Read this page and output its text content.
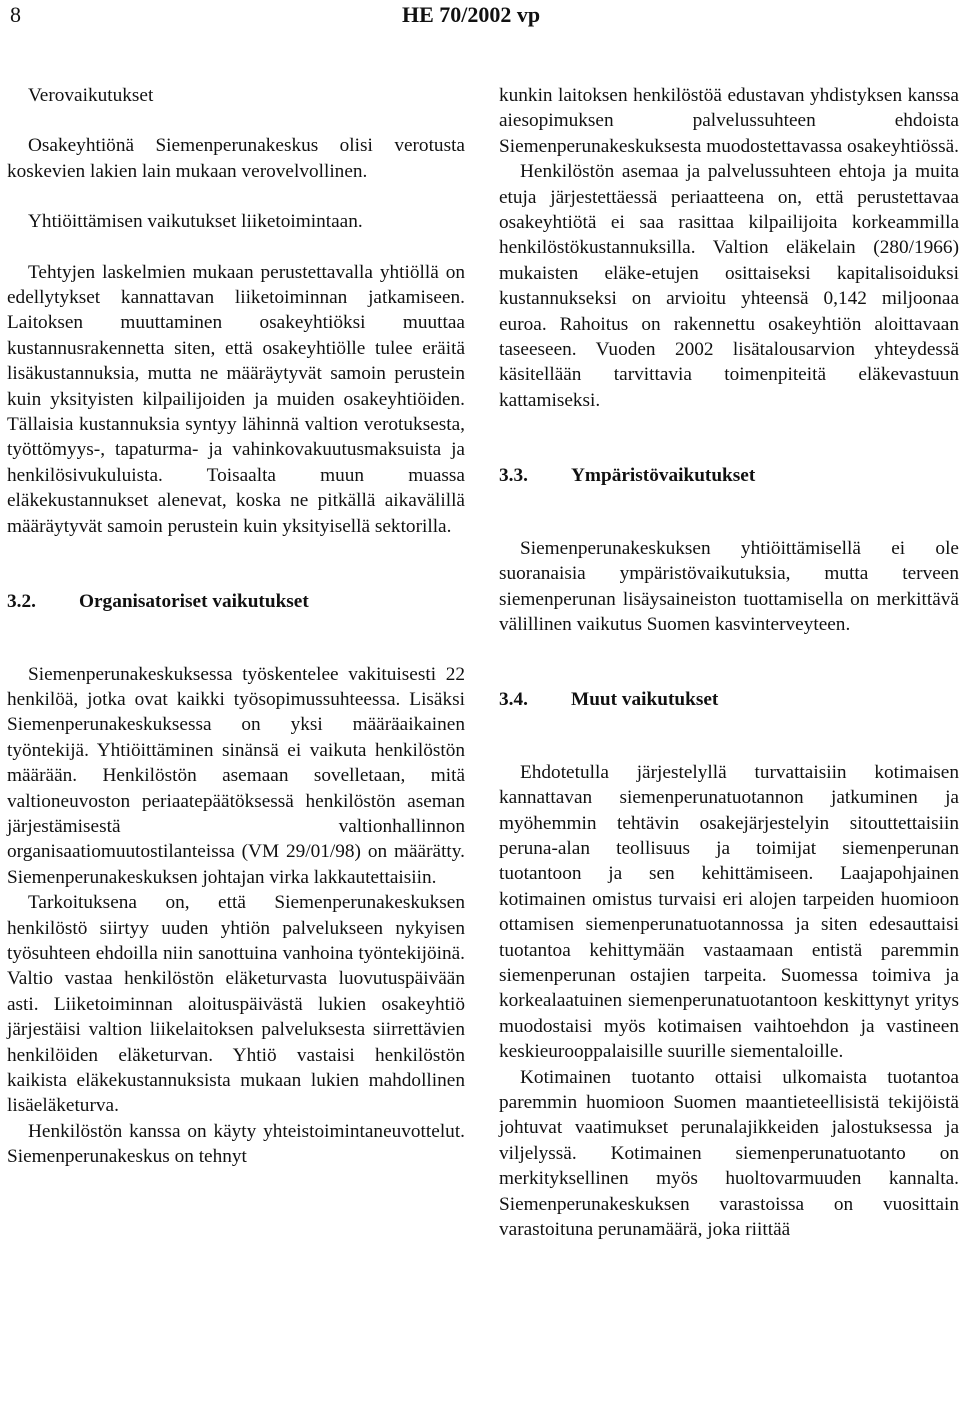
8	HE 70/2002 vp

Verovaikutukset

Osakeyhtiönä Siemenperunakeskus olisi verotusta koskevien lakien lain mukaan verovelvollinen.

Yhtiöittämisen vaikutukset liiketoimintaan.

Tehtyjen laskelmien mukaan perustettavalla yhtiöllä on edellytykset kannattavan liiketoiminnan jatkamiseen. Laitoksen muuttaminen osakeyhtiöksi muuttaa kustannusrakennetta siten, että osakeyhtiölle tulee eräitä lisäkustannuksia, mutta ne määräytyvät samoin perustein kuin yksityisten kilpailijoiden ja muiden osakeyhtiöiden. Tällaisia kustannuksia syntyy lähinnä valtion verotuksesta, työttömyys-, tapaturma- ja vahinkovakuutusmaksuista ja henkilösivukuluista. Toisaalta muun muassa eläkekustannukset alenevat, koska ne pitkällä aikavälillä määräytyvät samoin perustein kuin yksityisellä sektorilla.

3.2.	Organisatoriset vaikutukset

Siemenperunakeskuksessa työskentelee vakituisesti 22 henkilöä, jotka ovat kaikki työsopimussuhteessa. Lisäksi Siemenperunakeskuksessa on yksi määräaikainen työntekijä. Yhtiöittäminen sinänsä ei vaikuta henkilöstön määrään. Henkilöstön asemaan sovelletaan, mitä valtioneuvoston periaatepäätöksessä henkilöstön aseman järjestämisestä valtionhallinnon organisaatiomuutostilanteissa (VM 29/01/98) on määrätty. Siemenperunakeskuksen johtajan virka lakkautettaisiin.

Tarkoituksena on, että Siemenperunakeskuksen henkilöstö siirtyy uuden yhtiön palvelukseen nykyisen työsuhteen ehdoilla niin sanottuina vanhoina työntekijöinä. Valtio vastaa henkilöstön eläketurvasta luovutuspäivään asti. Liiketoiminnan aloituspäivästä lukien osakeyhtiö järjestäisi valtion liikelaitoksen palveluksesta siirrettävien henkilöiden eläketurvan. Yhtiö vastaisi henkilöstön kaikista eläkekustannuksista mukaan lukien mahdollinen lisäeläketurva.

Henkilöstön kanssa on käyty yhteistoimintaneuvottelut. Siemenperunakeskus on tehnyt

kunkin laitoksen henkilöstöä edustavan yhdistyksen kanssa aiesopimuksen palvelussuhteen ehdoista Siemenperunakeskuksesta muodostettavassa osakeyhtiössä.

Henkilöstön asemaa ja palvelussuhteen ehtoja ja muita etuja järjestettäessä periaatteena on, että perustettavaa osakeyhtiötä ei saa rasittaa kilpailijoita korkeammilla henkilöstökustannuksilla. Valtion eläkelain (280/1966) mukaisten eläke-etujen osittaiseksi kapitalisoiduksi kustannukseksi on arvioitu yhteensä 0,142 miljoonaa euroa. Rahoitus on rakennettu osakeyhtiön aloittavaan taseeseen. Vuoden 2002 lisätalousarvion yhteydessä käsitellään tarvittavia toimenpiteitä eläkevastuun kattamiseksi.

3.3.	Ympäristövaikutukset

Siemenperunakeskuksen yhtiöittämisellä ei ole suoranaisia ympäristövaikutuksia, mutta terveen siemenperunan lisäysaineiston tuottamisella on merkittävä välillinen vaikutus Suomen kasvinterveyteen.

3.4.	Muut vaikutukset

Ehdotetulla järjestelyllä turvattaisiin kotimaisen kannattavan siemenperunatuotannon jatkuminen ja myöhemmin tehtävin osakejärjestelyin sitouttettaisiin peruna-alan teollisuus ja toimijat siemenperunan tuotantoon ja sen kehittämiseen. Laajapohjainen kotimainen omistus turvaisi eri alojen tarpeiden huomioon ottamisen siemenperunatuotannossa ja siten edesauttaisi tuotantoa kehittymään vastaamaan entistä paremmin siemenperunan ostajien tarpeita. Suomessa toimiva ja korkealaatuinen siemenperunatuotantoon keskittynyt yritys muodostaisi myös kotimaisen vaihtoehdon ja vastineen keskieurooppalaisille suurille siementaloille.

Kotimainen tuotanto ottaisi ulkomaista tuotantoa paremmin huomioon Suomen maantieteellisistä tekijöistä johtuvat vaatimukset perunalajikkeiden jalostuksessa ja viljelyssä. Kotimainen siemenperunatuotanto on merkityksellinen myös huoltovarmuuden kannalta. Siemenperunakeskuksen varastoissa on vuosittain varastoituna perunamäärä, joka riittää
